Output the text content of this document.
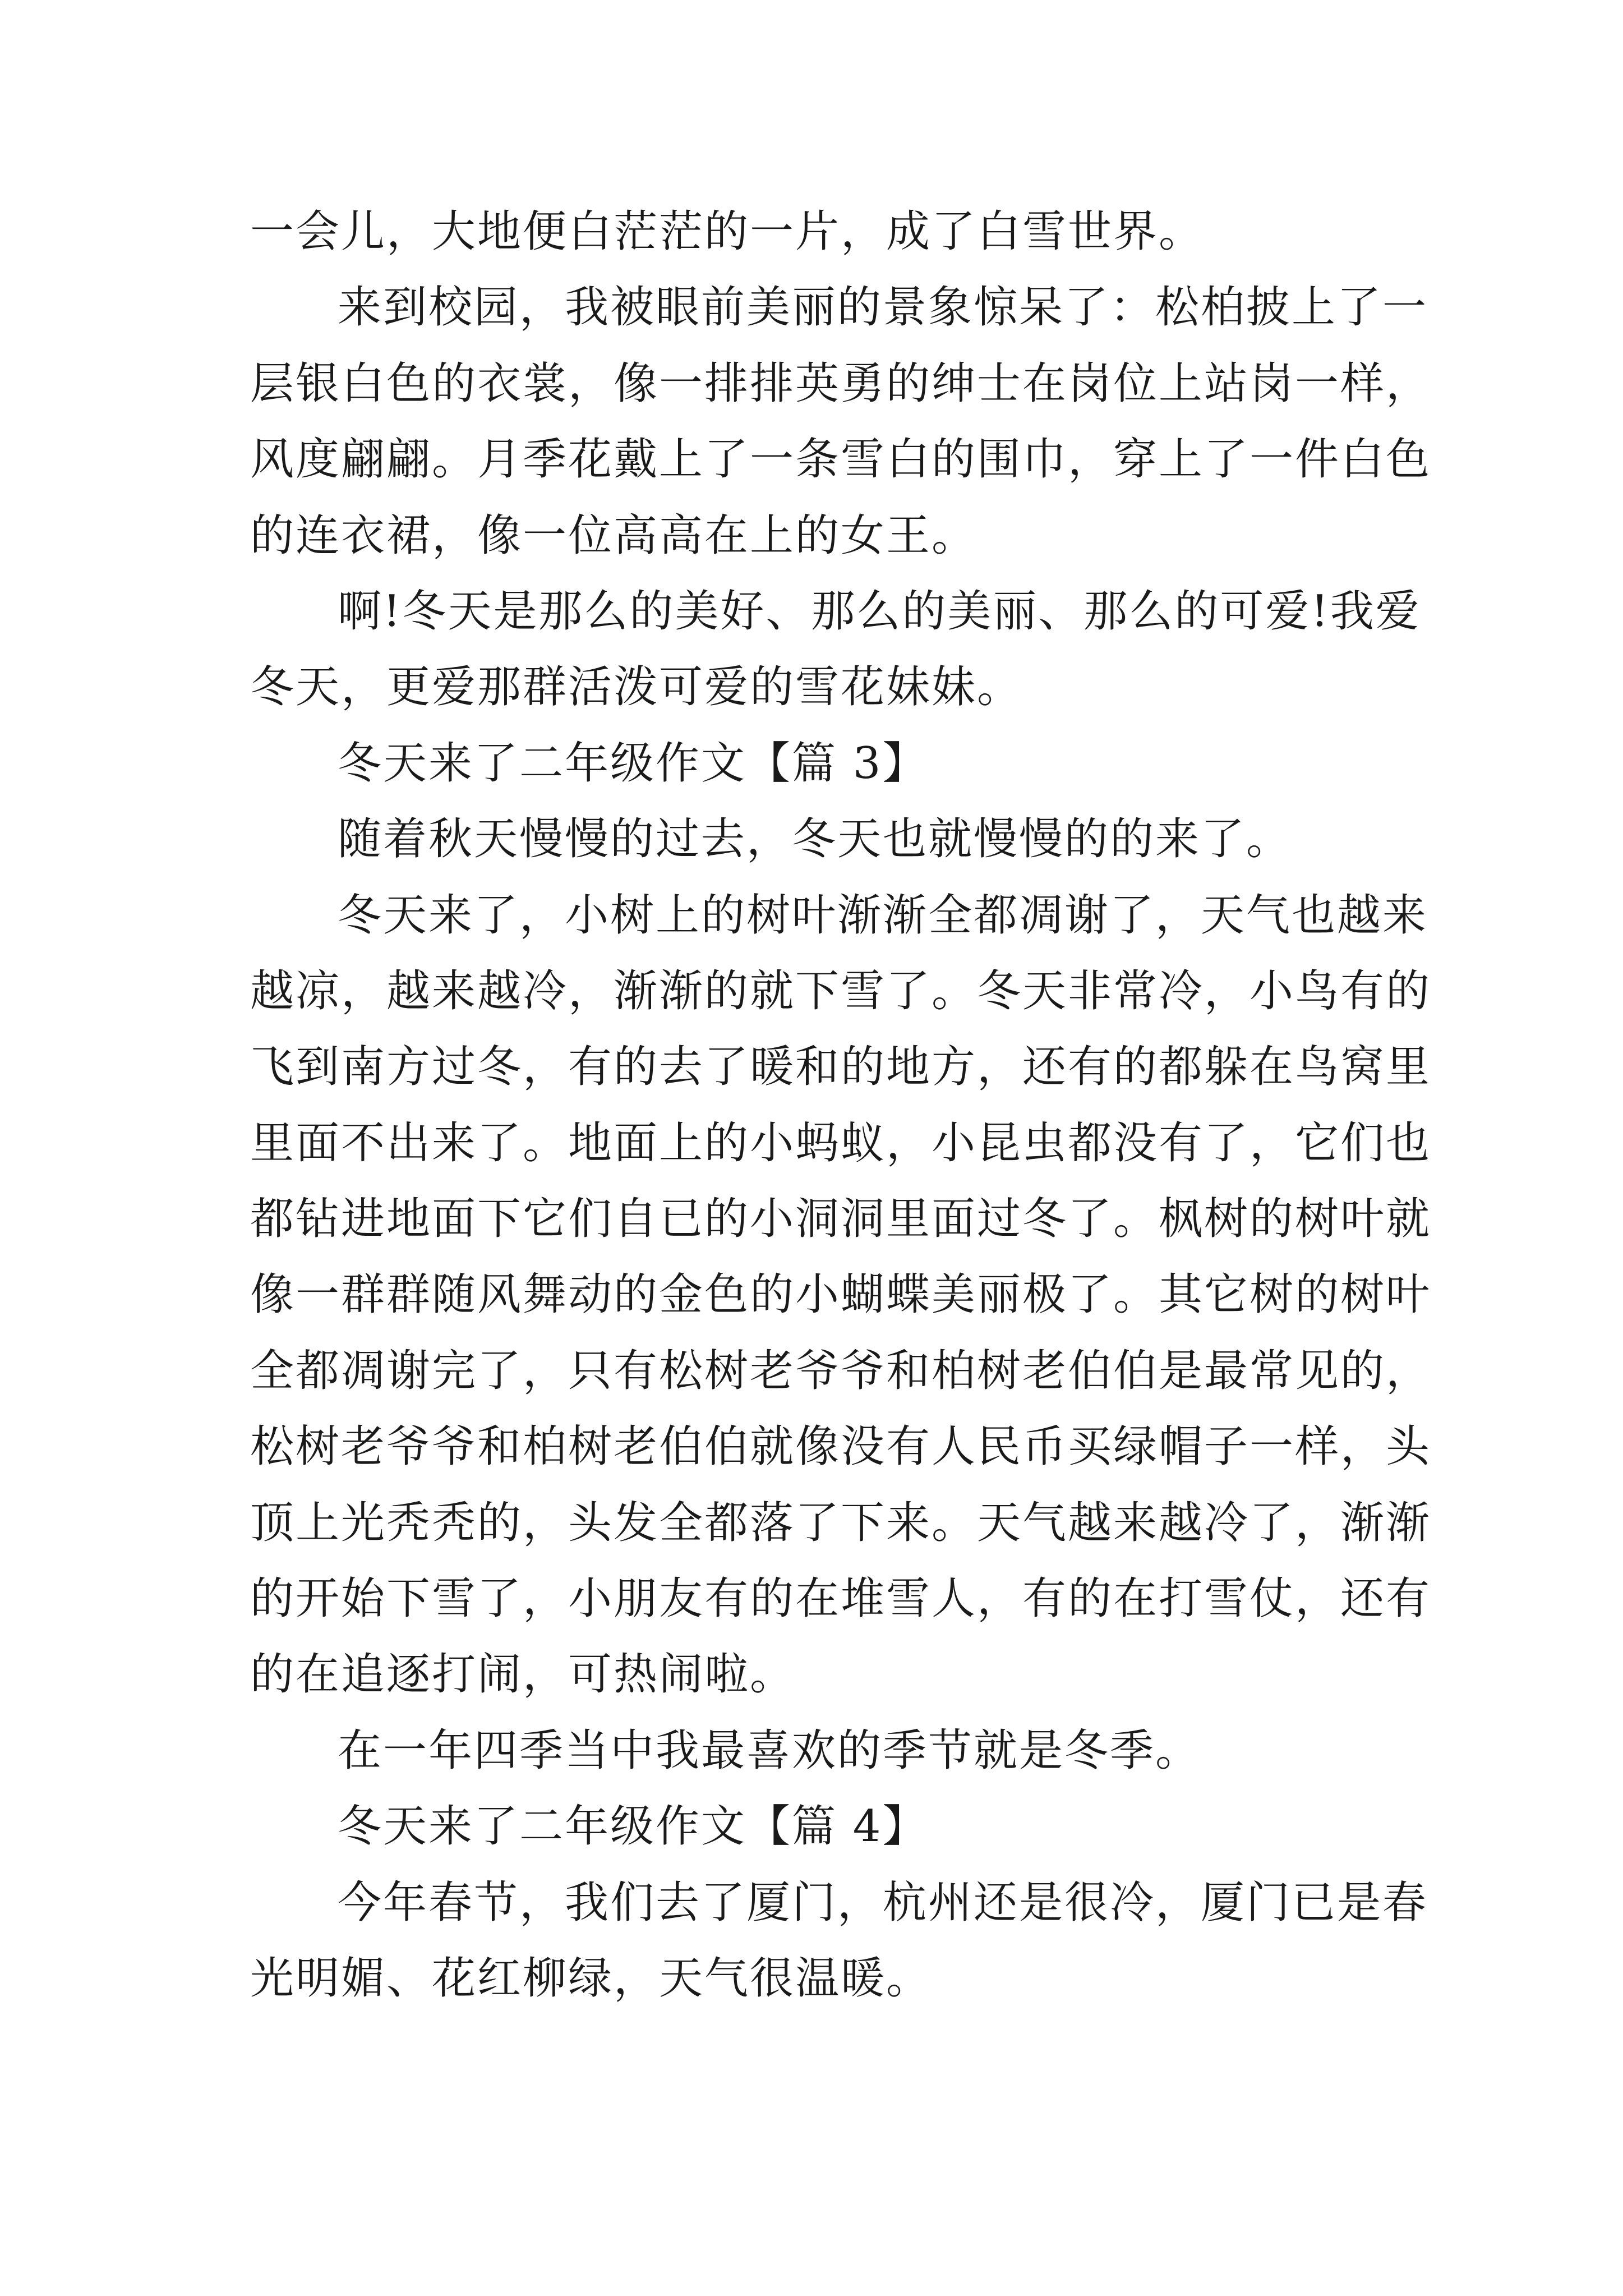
一会儿，大地便白茫茫的一片，成了白雪世界。
来到校园，我被眼前美丽的景象惊呆了：松柏披上了一
层银白色的衣裳，像一排排英勇的绅士在岗位上站岗一样，
风度翩翩。月季花戴上了一条雪白的围巾，穿上了一件白色
的连衣裙，像一位高高在上的女王。
啊!冬天是那么的美好、那么的美丽、那么的可爱!我爱
冬天，更爱那群活泼可爱的雪花妹妹。
冬天来了二年级作文【篇 3】
随着秋天慢慢的过去，冬天也就慢慢的的来了。
冬天来了，小树上的树叶渐渐全都凋谢了，天气也越来
越凉，越来越冷，渐渐的就下雪了。冬天非常冷，小鸟有的
飞到南方过冬，有的去了暖和的地方，还有的都躲在鸟窝里
里面不出来了。地面上的小蚂蚁，小昆虫都没有了，它们也
都钻进地面下它们自已的小洞洞里面过冬了。枫树的树叶就
像一群群随风舞动的金色的小蝴蝶美丽极了。其它树的树叶
全都凋谢完了，只有松树老爷爷和柏树老伯伯是最常见的，
松树老爷爷和柏树老伯伯就像没有人民币买绿帽子一样，头
顶上光秃秃的，头发全都落了下来。天气越来越冷了，渐渐
的开始下雪了，小朋友有的在堆雪人，有的在打雪仗，还有
的在追逐打闹，可热闹啦。
在一年四季当中我最喜欢的季节就是冬季。
冬天来了二年级作文【篇 4】
今年春节，我们去了厦门，杭州还是很冷，厦门已是春
光明媚、花红柳绿，天气很温暖。
